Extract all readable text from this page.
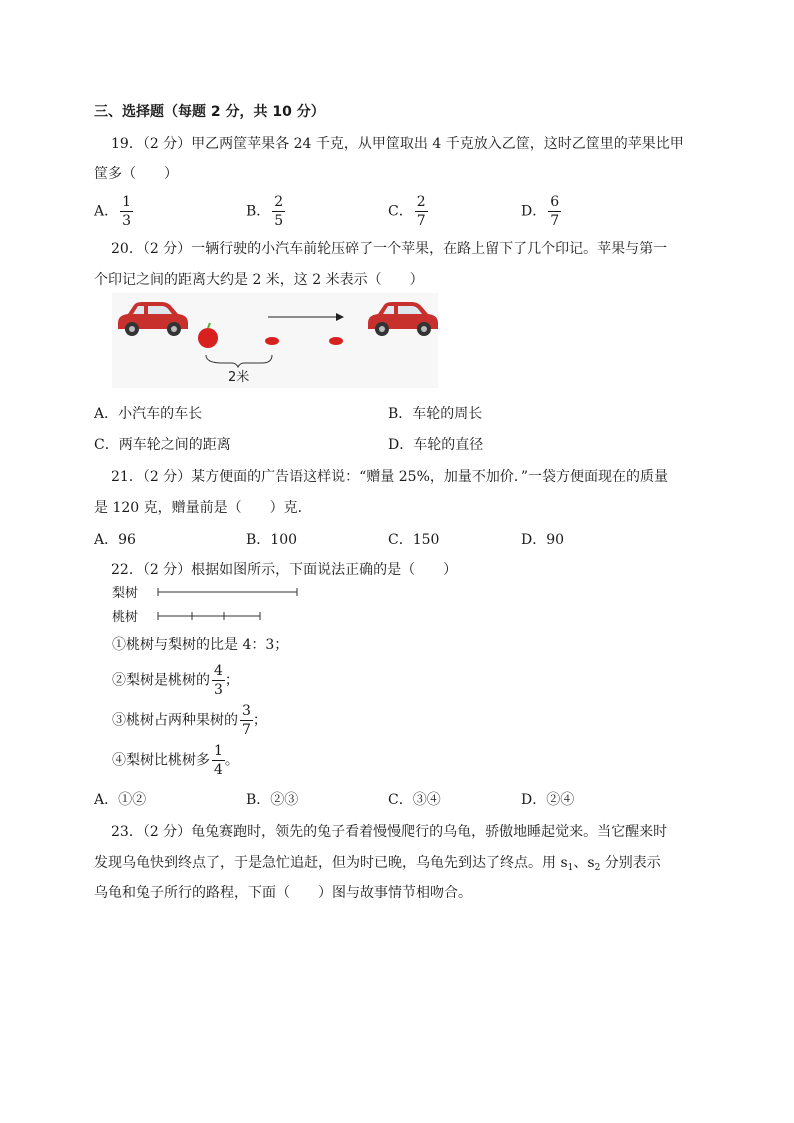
三、选择题（每题 2 分，共 10 分）
19．（2 分）甲乙两筐苹果各 24 千克，从甲筐取出 4 千克放入乙筐，这时乙筐里的苹果比甲
筐多（　　）
A． $\frac{1}{3}$	B． $\frac{2}{5}$	C． $\frac{2}{7}$	D． $\frac{6}{7}$
20．（2 分）一辆行驶的小汽车前轮压碎了一个苹果，在路上留下了几个印记。苹果与第一
个印记之间的距离大约是 2 米，这 2 米表示（　　）
2米
A．小汽车的车长	B．车轮的周长
C．两车轮之间的距离	D．车轮的直径
21．（2 分）某方便面的广告语这样说：“赠量 25%，加量不加价．”一袋方便面现在的质量
是 120 克，赠量前是（　　）克．
A．96	B．100	C．150	D．90
22．（2 分）根据如图所示，下面说法正确的是（　　）
梨树
桃树
①桃树与梨树的比是 4：3；
②梨树是桃树的 $\frac{4}{3}$ ；
③桃树占两种果树的 $\frac{3}{7}$ ；
④梨树比桃树多 $\frac{1}{4}$ 。
A．①②	B．②③	C．③④	D．②④
23．（2 分）龟兔赛跑时，领先的兔子看着慢慢爬行的乌龟，骄傲地睡起觉来。当它醒来时
发现乌龟快到终点了，于是急忙追赶，但为时已晚，乌龟先到达了终点。用 $s_1$、$s_2$ 分别表示
乌龟和兔子所行的路程，下面（　　）图与故事情节相吻合。
